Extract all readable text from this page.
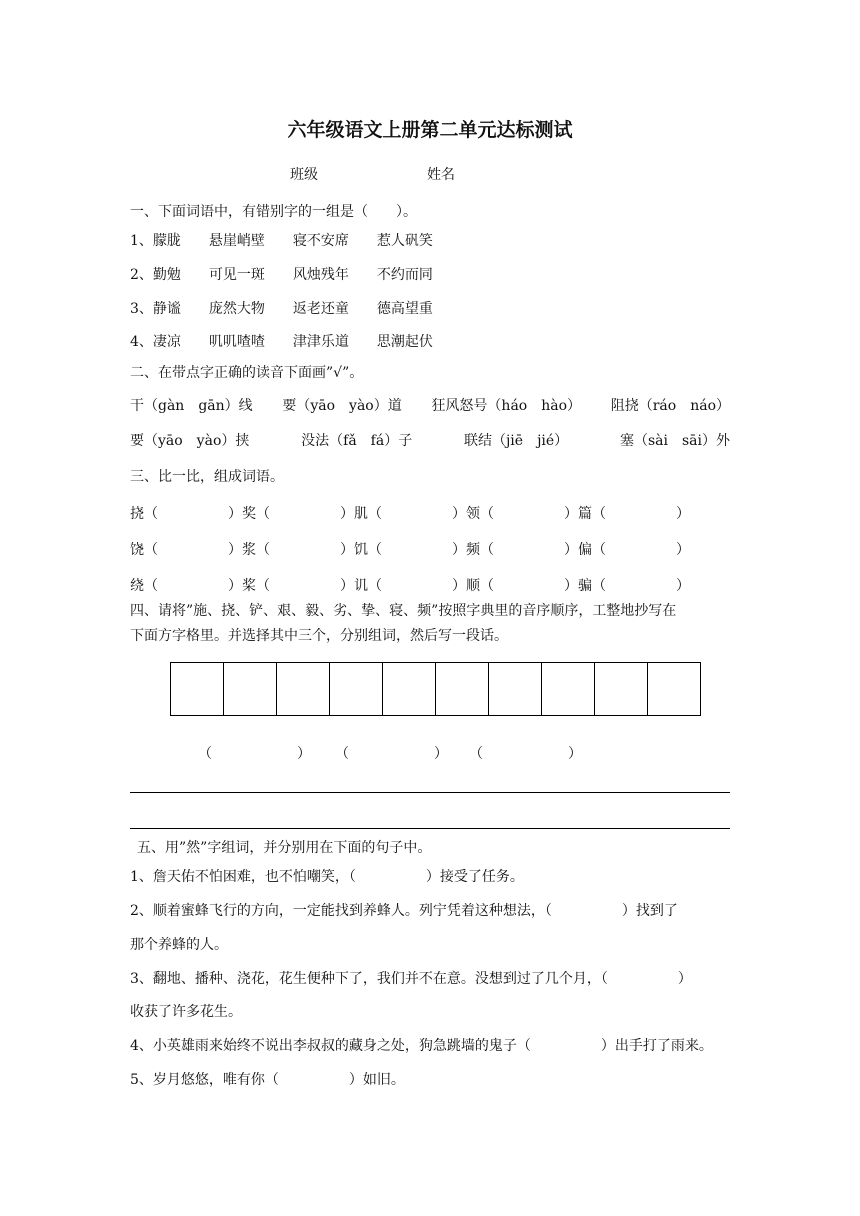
六年级语文上册第二单元达标测试
班级	姓名
一、下面词语中，有错别字的一组是（　　）。
1、朦胧　　悬崖峭壁　　寝不安席　　惹人矾笑
2、勤勉　　可见一斑　　风烛残年　　不约而同
3、静谧　　庞然大物　　返老还童　　德高望重
4、凄凉　　叽叽喳喳　　津津乐道　　思潮起伏
二、在带点字正确的读音下面画”√”。
干（gàn　gān）线 要（yāo　yào）道 狂风怒号（háo　hào） 阻挠（ráo　náo）
要（yāo　yào）挟	没法（fǎ　fá）子	联结（jiē　jié）	塞（sài　sāi）外
三、比一比，组成词语。
挠（	）奖（	）肌（	）领（	）篇（	）
饶（	）浆（	）饥（	）频（	）偏（	）
绕（	）桨（	）讥（	）顺（	）骗（	）
四、请将”施、挠、铲、艰、毅、劣、挚、寝、频”按照字典里的音序顺序，工整地抄写在
下面方字格里。并选择其中三个，分别组词，然后写一段话。
（	） （	） （	）
五、用”然”字组词，并分别用在下面的句子中。
1、詹天佑不怕困难，也不怕嘲笑，（　　　　　）接受了任务。
2、顺着蜜蜂飞行的方向，一定能找到养蜂人。列宁凭着这种想法，（　　　　　）找到了
那个养蜂的人。
3、翻地、播种、浇花，花生便种下了，我们并不在意。没想到过了几个月，（　　　　　）
收获了许多花生。
4、小英雄雨来始终不说出李叔叔的藏身之处，狗急跳墙的鬼子（　　　　　）出手打了雨来。
5、岁月悠悠，唯有你（　　　　　）如旧。
